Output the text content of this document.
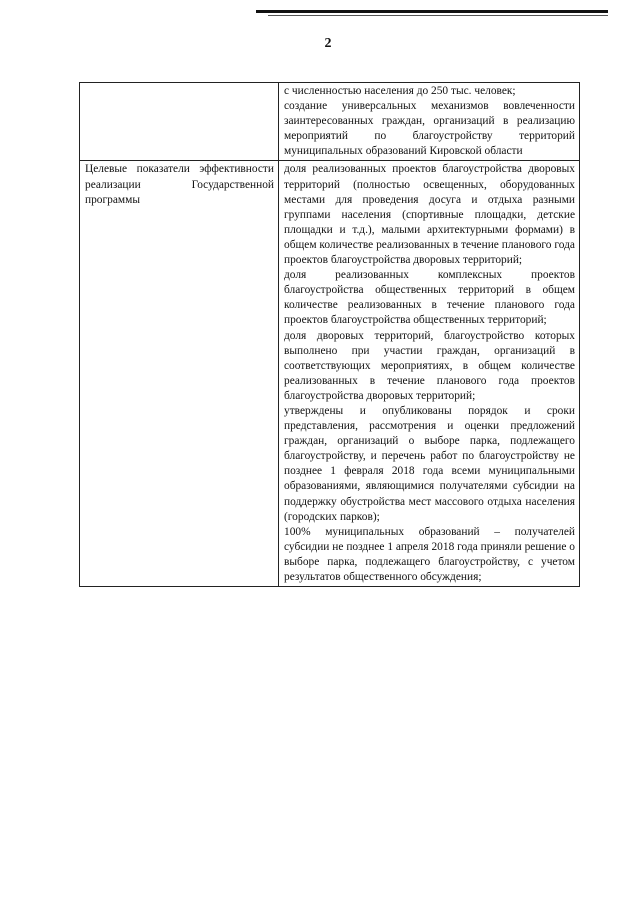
2

	с численностью населения до 250 тыс. человек;

создание универсальных механизмов вовлеченности заинтересованных граждан, организаций в реализацию мероприятий по благоустройству территорий муниципальных образований Кировской области

Целевые показатели эффективности реализации Государственной программы	доля реализованных проектов благоустройства дворовых территорий (полностью освещенных, оборудованных местами для проведения досуга и отдыха разными группами населения (спортивные площадки, детские площадки и т.д.), малыми архитектурными формами) в общем количестве реализованных в течение планового года проектов благоустройства дворовых территорий;

доля реализованных комплексных проектов благоустройства общественных территорий в общем количестве реализованных в течение планового года проектов благоустройства общественных территорий;

доля дворовых территорий, благоустройство которых выполнено при участии граждан, организаций в соответствующих мероприятиях, в общем количестве реализованных в течение планового года проектов благоустройства дворовых территорий;

утверждены и опубликованы порядок и сроки представления, рассмотрения и оценки предложений граждан, организаций о выборе парка, подлежащего благоустройству, и перечень работ по благоустройству не позднее 1 февраля 2018 года всеми муниципальными образованиями, являющимися получателями субсидии на поддержку обустройства мест массового отдыха населения (городских парков);

100% муниципальных образований – получателей субсидии не позднее 1 апреля 2018 года приняли решение о выборе парка, подлежащего благоустройству, с учетом результатов общественного обсуждения;
